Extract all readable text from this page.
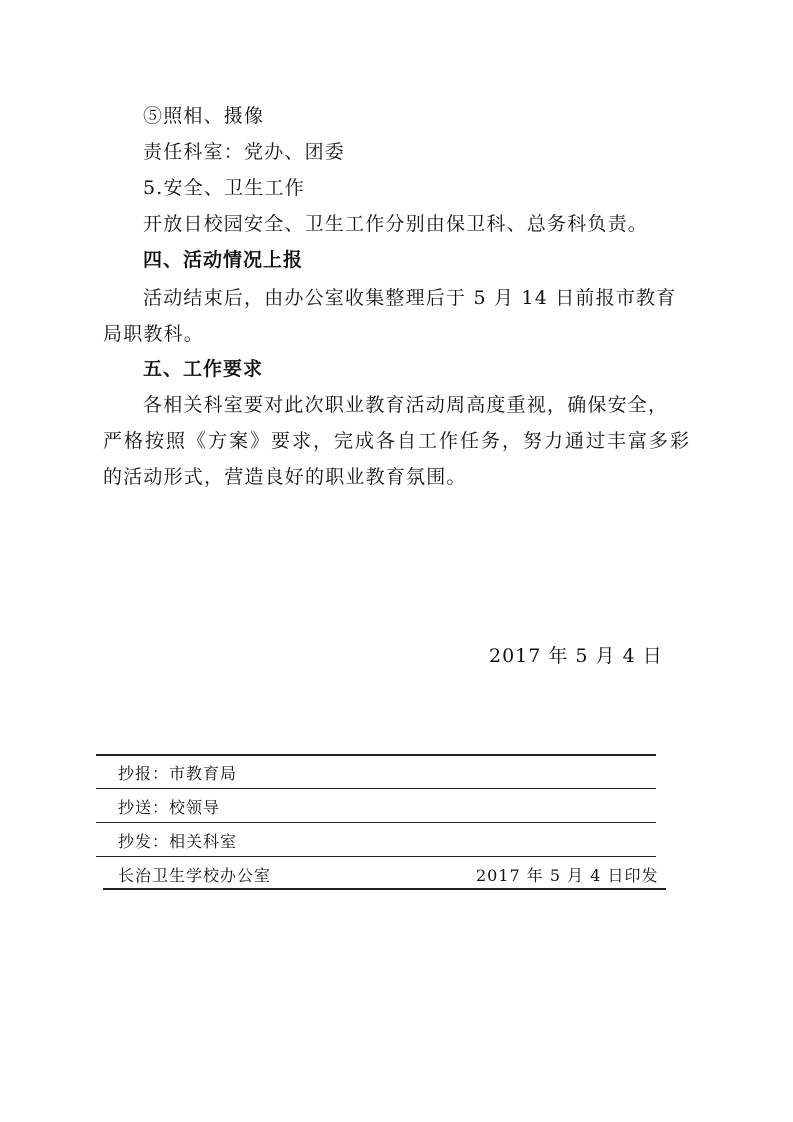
⑤照相、摄像
责任科室：党办、团委
5.安全、卫生工作
开放日校园安全、卫生工作分别由保卫科、总务科负责。
四、活动情况上报
活动结束后，由办公室收集整理后于 5 月 14 日前报市教育
局职教科。
五、工作要求
各相关科室要对此次职业教育活动周高度重视，确保安全，
严格按照《方案》要求，完成各自工作任务，努力通过丰富多彩
的活动形式，营造良好的职业教育氛围。
2017 年 5 月 4 日
抄报：市教育局
抄送：校领导
抄发：相关科室
长治卫生学校办公室	2017 年 5 月 4 日印发
